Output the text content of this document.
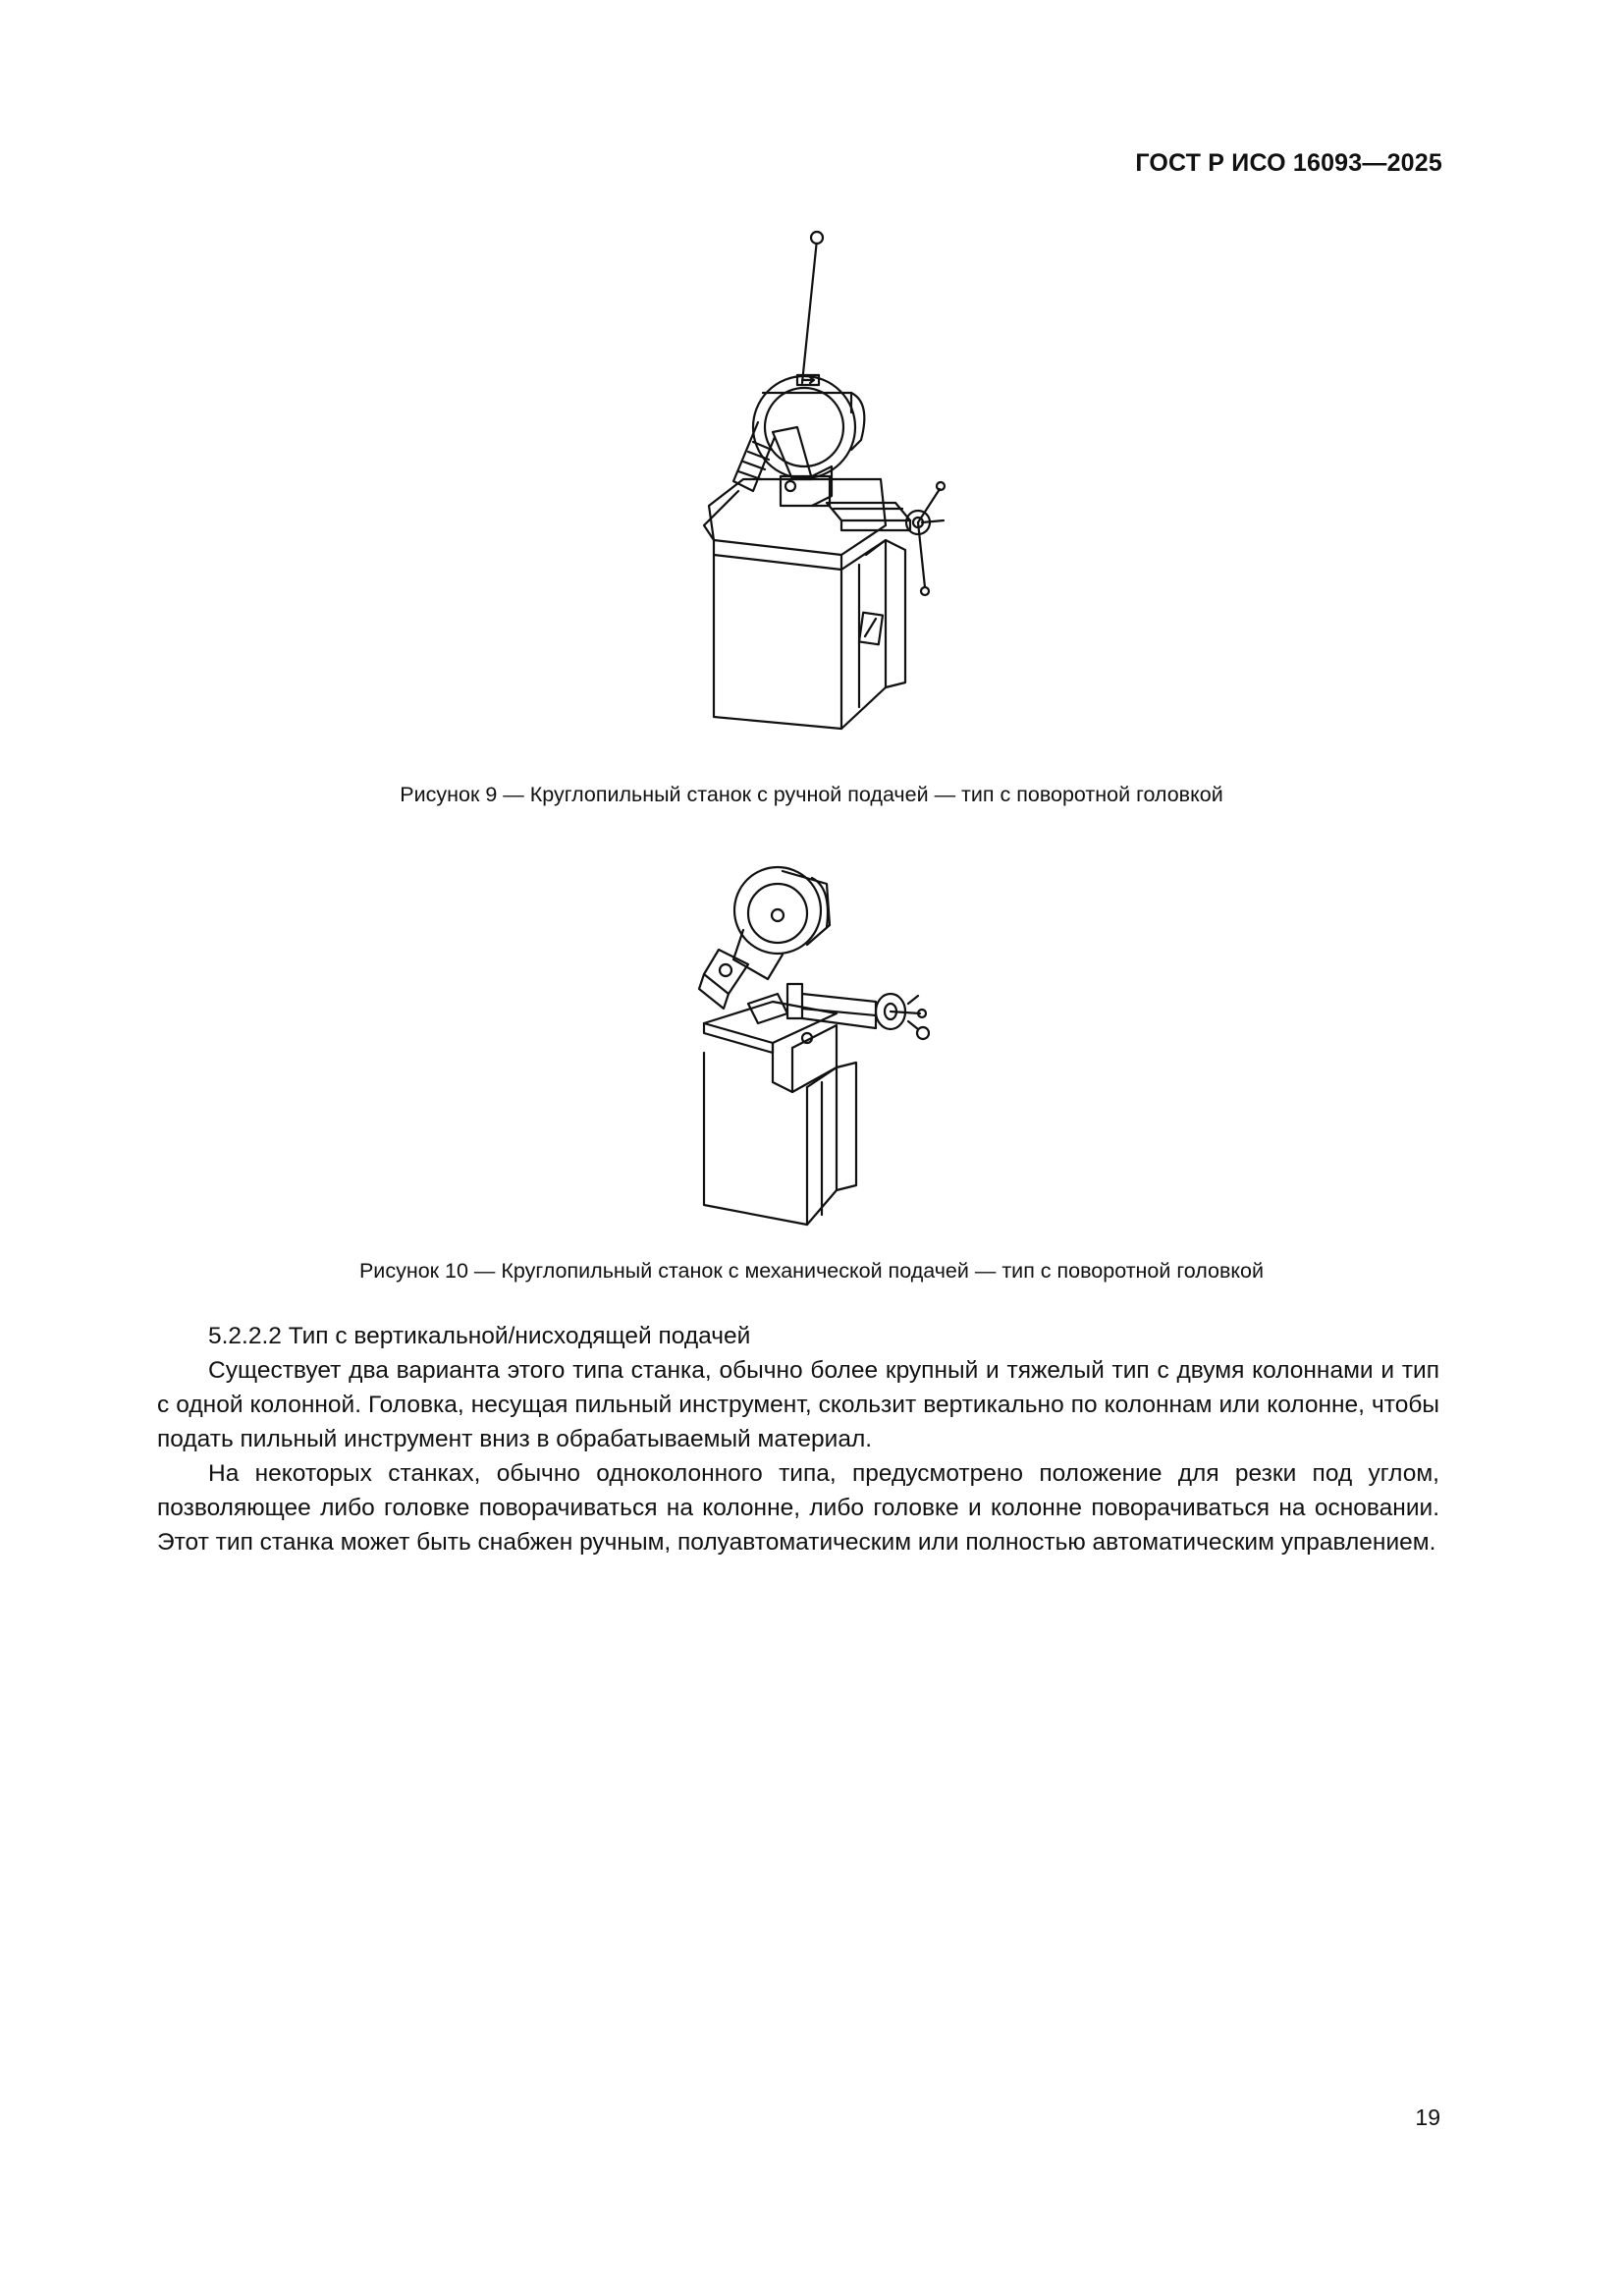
ГОСТ Р ИСО 16093—2025
Рисунок 9 — Круглопильный станок с ручной подачей — тип с поворотной головкой
Рисунок 10 — Круглопильный станок с механической подачей — тип с поворотной головкой
5.2.2.2 Тип с вертикальной/нисходящей подачей

Существует два варианта этого типа станка, обычно более крупный и тяжелый тип с двумя колоннами и тип с одной колонной. Головка, несущая пильный инструмент, скользит вертикально по колоннам или колонне, чтобы подать пильный инструмент вниз в обрабатываемый материал.

На некоторых станках, обычно одноколонного типа, предусмотрено положение для резки под углом, позволяющее либо головке поворачиваться на колонне, либо головке и колонне поворачиваться на основании. Этот тип станка может быть снабжен ручным, полуавтоматическим или полностью автоматическим управлением.

19
